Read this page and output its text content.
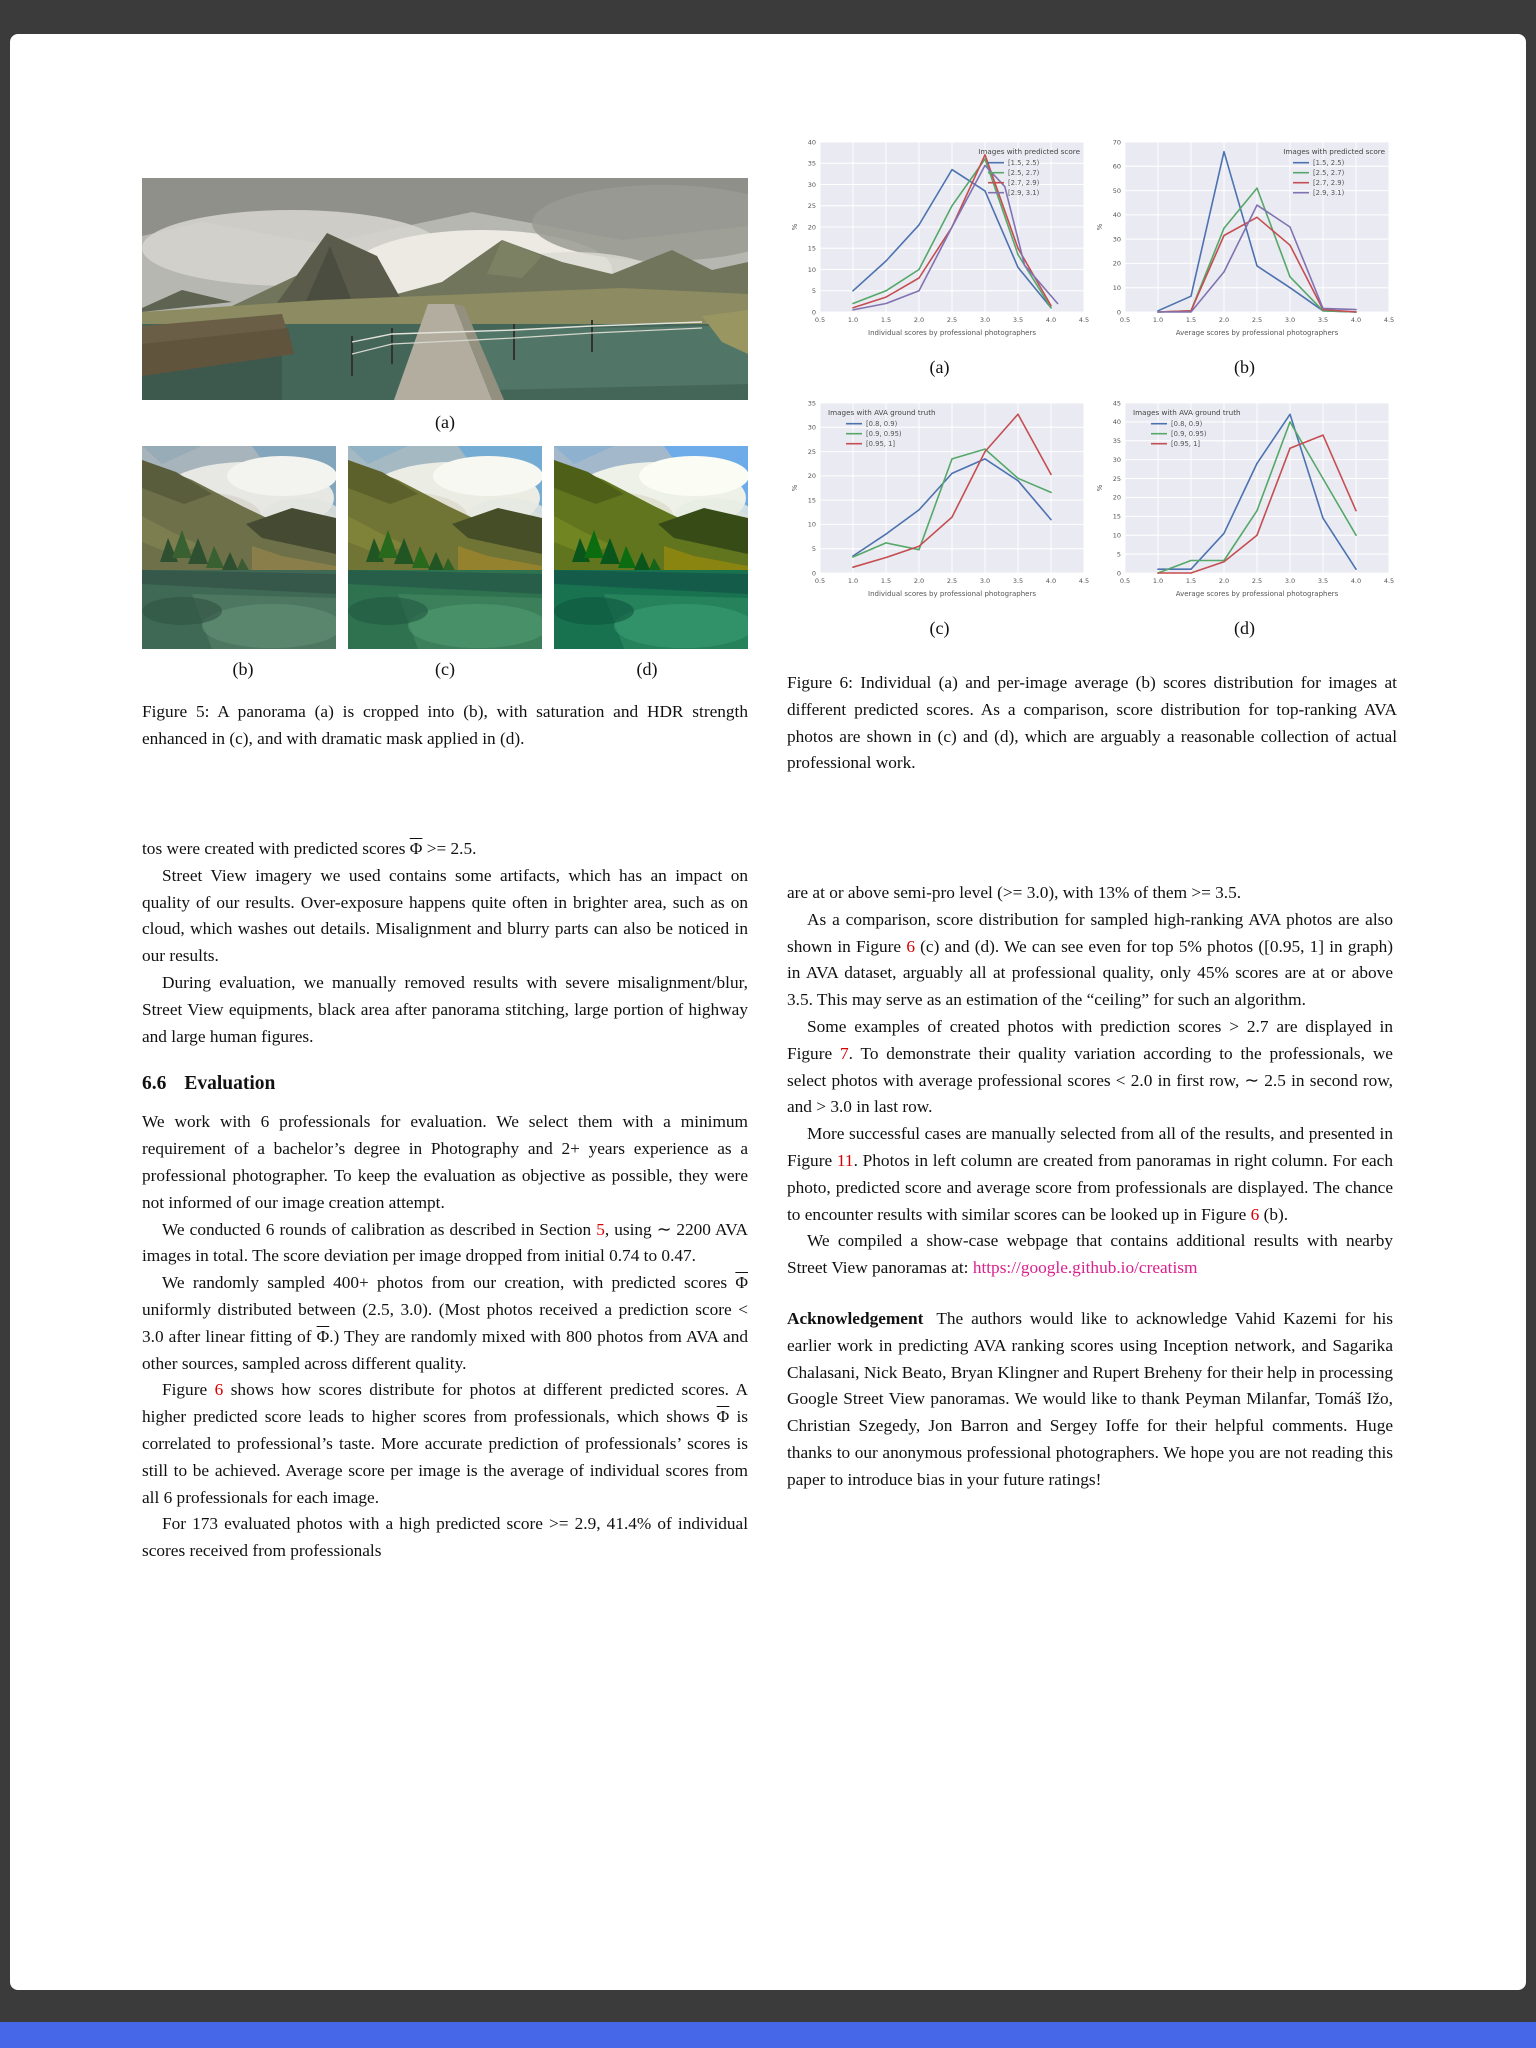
(a)
(b)	(c)	(d)
Figure 5: A panorama (a) is cropped into (b), with saturation and HDR strength enhanced in (c), and with dramatic mask applied in (d).
0
5
10
15
20
25
30
35
40
0.5	1.0	1.5	2.0	2.5	3.0	3.5	4.0	4.5
Images with predicted score
[1.5, 2.5)
[2.5, 2.7)
[2.7, 2.9)
[2.9, 3.1)
Individual scores by professional photographers
%
(a)
0
10
20
30
40
50
60
70
0.5	1.0	1.5	2.0	2.5	3.0	3.5	4.0	4.5
Images with predicted score
[1.5, 2.5)
[2.5, 2.7)
[2.7, 2.9)
[2.9, 3.1)
Average scores by professional photographers
%
(b)
0
5
10
15
20
25
30
35
0.5	1.0	1.5	2.0	2.5	3.0	3.5	4.0	4.5
Images with AVA ground truth
[0.8, 0.9)
[0.9, 0.95)
[0.95, 1]
Individual scores by professional photographers
%
(c)
0
5
10
15
20
25
30
35
40
45
0.5	1.0	1.5	2.0	2.5	3.0	3.5	4.0	4.5
Images with AVA ground truth
[0.8, 0.9)
[0.9, 0.95)
[0.95, 1]
Average scores by professional photographers
%
(d)
Figure 6: Individual (a) and per-image average (b) scores distribution for images at different predicted scores. As a comparison, score distribution for top-ranking AVA photos are shown in (c) and (d), which are arguably a reasonable collection of actual professional work.

tos were created with predicted scores $\overline{\Phi} >= 2.5$.

Street View imagery we used contains some artifacts, which has an impact on quality of our results. Over-exposure happens quite often in brighter area, such as on cloud, which washes out details. Misalignment and blurry parts can also be noticed in our results.

During evaluation, we manually removed results with severe misalignment/blur, Street View equipments, black area after panorama stitching, large portion of highway and large human figures.

6.6 Evaluation

We work with 6 professionals for evaluation. We select them with a minimum requirement of a bachelor’s degree in Photography and 2+ years experience as a professional photographer. To keep the evaluation as objective as possible, they were not informed of our image creation attempt.

We conducted 6 rounds of calibration as described in Section 5, using ∼ 2200 AVA images in total. The score deviation per image dropped from initial 0.74 to 0.47.

We randomly sampled 400+ photos from our creation, with predicted scores $\overline{\Phi}$ uniformly distributed between (2.5, 3.0). (Most photos received a prediction score < 3.0 after linear fitting of $\overline{\Phi}$.) They are randomly mixed with 800 photos from AVA and other sources, sampled across different quality.

Figure 6 shows how scores distribute for photos at different predicted scores. A higher predicted score leads to higher scores from professionals, which shows $\overline{\Phi}$ is correlated to professional’s taste. More accurate prediction of professionals’ scores is still to be achieved. Average score per image is the average of individual scores from all 6 professionals for each image.

For 173 evaluated photos with a high predicted score >= 2.9, 41.4% of individual scores received from professionals

are at or above semi-pro level (>= 3.0), with 13% of them >= 3.5.

As a comparison, score distribution for sampled high-ranking AVA photos are also shown in Figure 6 (c) and (d). We can see even for top 5% photos ([0.95, 1] in graph) in AVA dataset, arguably all at professional quality, only 45% scores are at or above 3.5. This may serve as an estimation of the “ceiling” for such an algorithm.

Some examples of created photos with prediction scores > 2.7 are displayed in Figure 7. To demonstrate their quality variation according to the professionals, we select photos with average professional scores < 2.0 in first row, ∼ 2.5 in second row, and > 3.0 in last row.

More successful cases are manually selected from all of the results, and presented in Figure 11. Photos in left column are created from panoramas in right column. For each photo, predicted score and average score from professionals are displayed. The chance to encounter results with similar scores can be looked up in Figure 6 (b).

We compiled a show-case webpage that contains additional results with nearby Street View panoramas at: https://google.github.io/creatism

Acknowledgement The authors would like to acknowledge Vahid Kazemi for his earlier work in predicting AVA ranking scores using Inception network, and Sagarika Chalasani, Nick Beato, Bryan Klingner and Rupert Breheny for their help in processing Google Street View panoramas. We would like to thank Peyman Milanfar, Tomáš Ižo, Christian Szegedy, Jon Barron and Sergey Ioffe for their helpful comments. Huge thanks to our anonymous professional photographers. We hope you are not reading this paper to introduce bias in your future ratings!
